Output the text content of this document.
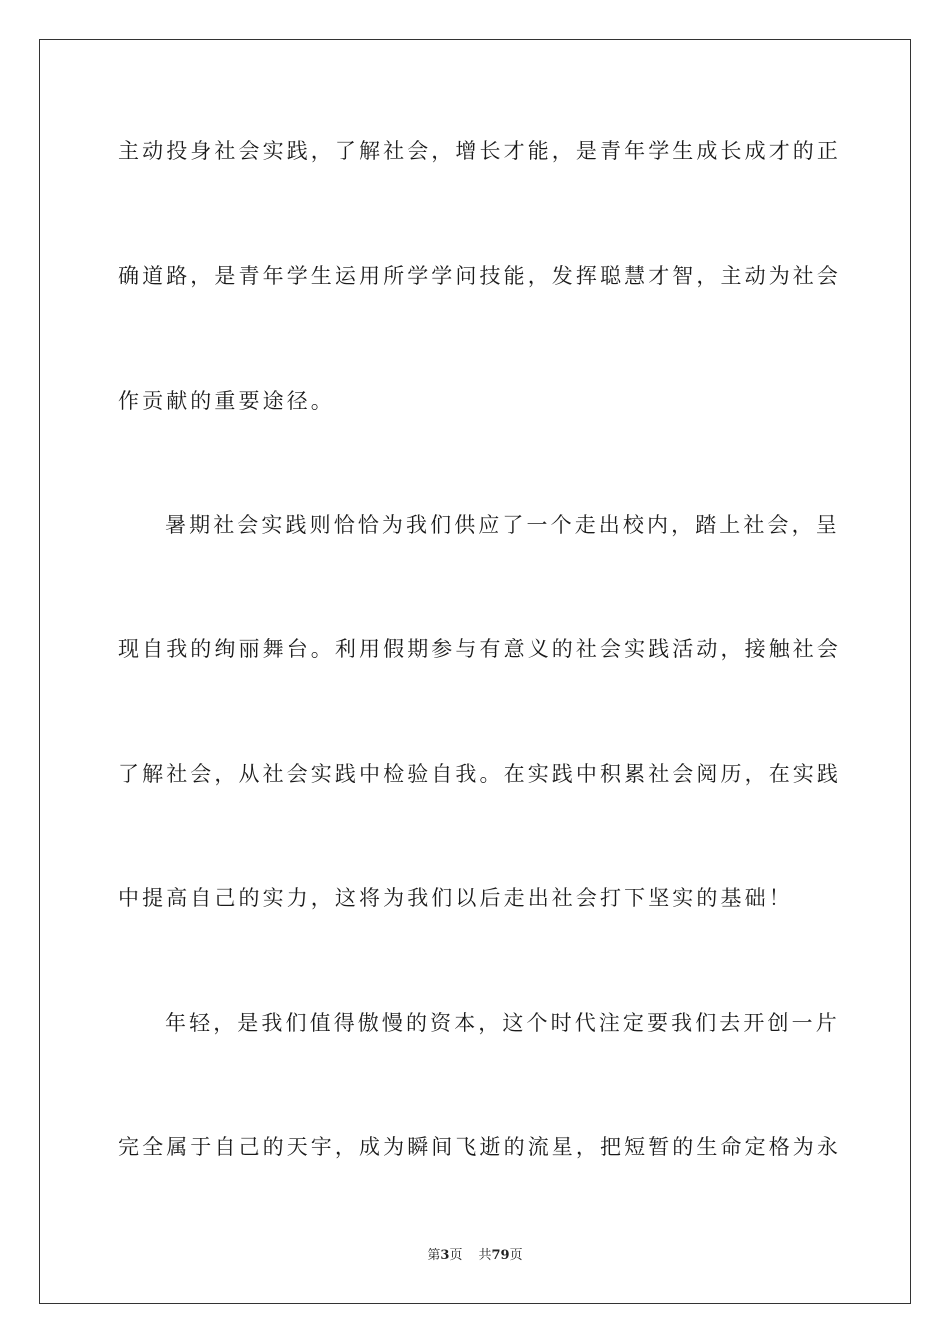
主动投身社会实践，了解社会，增长才能，是青年学生成长成才的正
确道路，是青年学生运用所学学问技能，发挥聪慧才智，主动为社会
作贡献的重要途径。
暑期社会实践则恰恰为我们供应了一个走出校内，踏上社会，呈
现自我的绚丽舞台。利用假期参与有意义的社会实践活动，接触社会
了解社会，从社会实践中检验自我。在实践中积累社会阅历，在实践
中提高自己的实力，这将为我们以后走出社会打下坚实的基础！
年轻，是我们值得傲慢的资本，这个时代注定要我们去开创一片
完全属于自己的天宇，成为瞬间飞逝的流星，把短暂的生命定格为永
第3页 共79页
